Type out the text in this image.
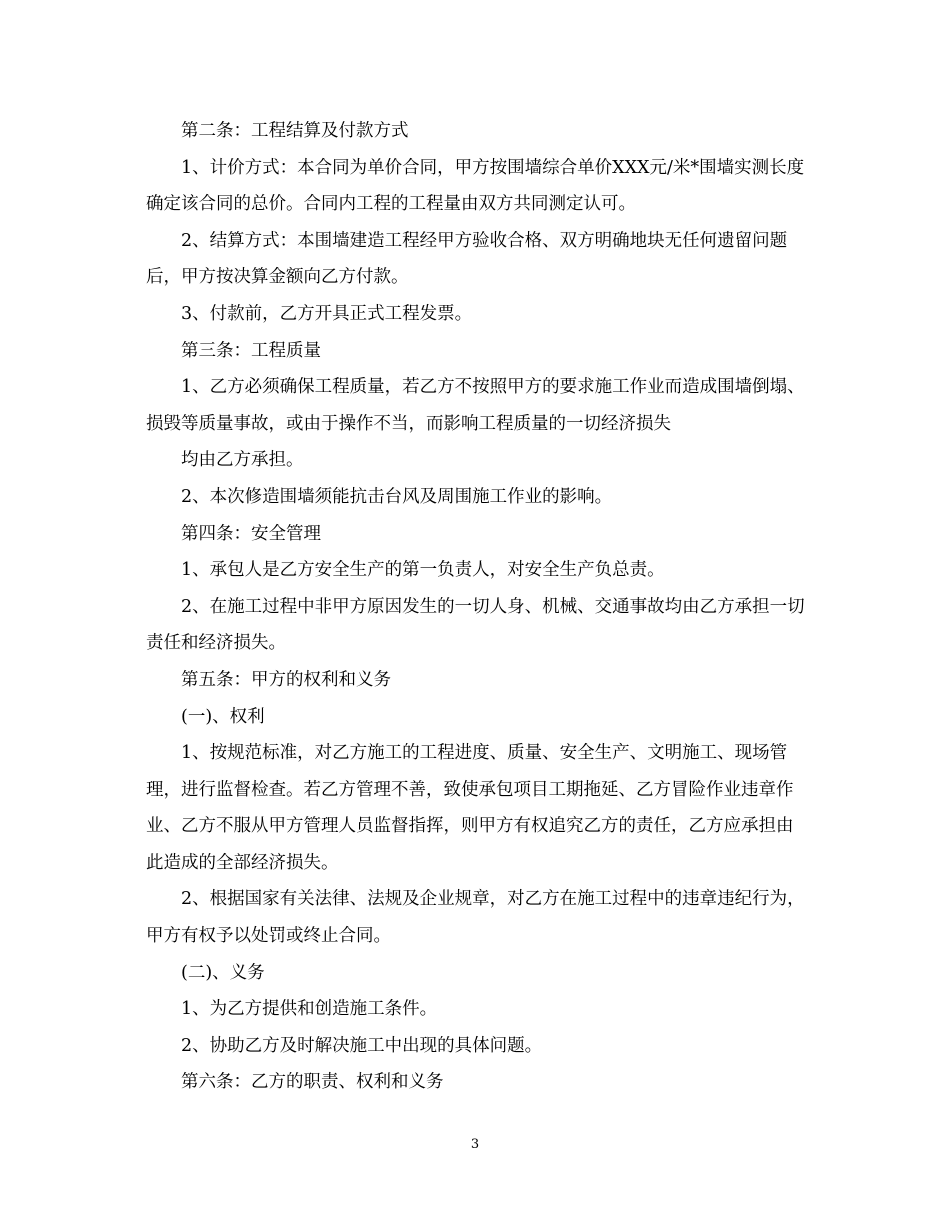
第二条：工程结算及付款方式

1、计价方式：本合同为单价合同，甲方按围墙综合单价XXX元/米*围墙实测长度确定该合同的总价。合同内工程的工程量由双方共同测定认可。

2、结算方式：本围墙建造工程经甲方验收合格、双方明确地块无任何遗留问题后，甲方按决算金额向乙方付款。

3、付款前，乙方开具正式工程发票。

第三条：工程质量

1、乙方必须确保工程质量，若乙方不按照甲方的要求施工作业而造成围墙倒塌、损毁等质量事故，或由于操作不当，而影响工程质量的一切经济损失

均由乙方承担。

2、本次修造围墙须能抗击台风及周围施工作业的影响。

第四条：安全管理

1、承包人是乙方安全生产的第一负责人，对安全生产负总责。

2、在施工过程中非甲方原因发生的一切人身、机械、交通事故均由乙方承担一切责任和经济损失。

第五条：甲方的权利和义务

(一)、权利

1、按规范标准，对乙方施工的工程进度、质量、安全生产、文明施工、现场管理，进行监督检查。若乙方管理不善，致使承包项目工期拖延、乙方冒险作业违章作业、乙方不服从甲方管理人员监督指挥，则甲方有权追究乙方的责任，乙方应承担由此造成的全部经济损失。

2、根据国家有关法律、法规及企业规章，对乙方在施工过程中的违章违纪行为，甲方有权予以处罚或终止合同。

(二)、义务

1、为乙方提供和创造施工条件。

2、协助乙方及时解决施工中出现的具体问题。

第六条：乙方的职责、权利和义务

3
